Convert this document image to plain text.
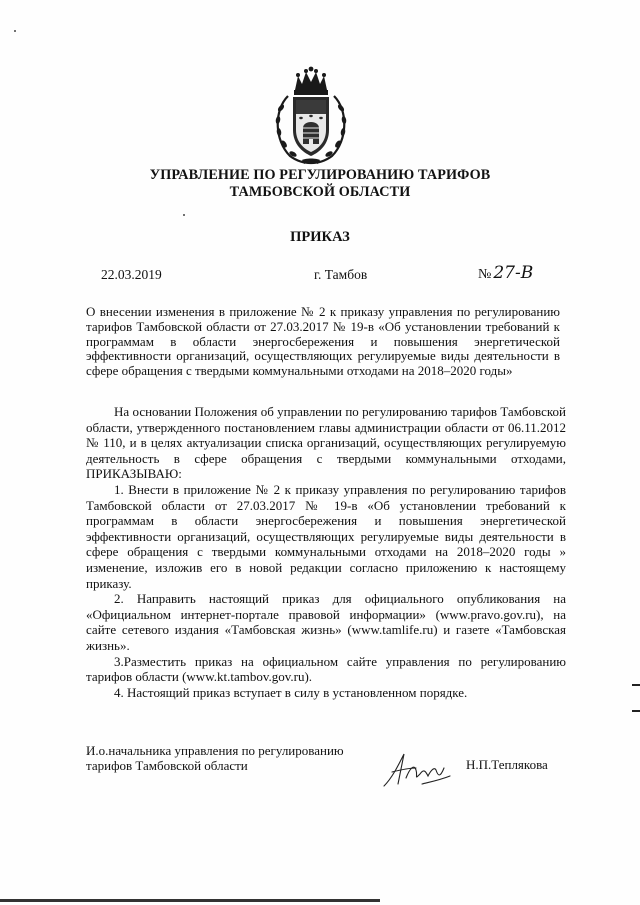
УПРАВЛЕНИЕ ПО РЕГУЛИРОВАНИЮ ТАРИФОВ
ТАМБОВСКОЙ ОБЛАСТИ
ПРИКАЗ
22.03.2019	г. Тамбов	№ 27-В
О внесении изменения в приложение № 2 к приказу управления по регулированию тарифов Тамбовской области от 27.03.2017 № 19-в «Об установлении требований к программам в области энергосбережения и повышения энергетической эффективности организаций, осуществляющих регулируемые виды деятельности в сфере обращения с твердыми коммунальными отходами на 2018–2020 годы»

На основании Положения об управлении по регулированию тарифов Тамбовской области, утвержденного постановлением главы администрации области от 06.11.2012 № 110, и в целях актуализации списка организаций, осуществляющих регулируемую деятельность в сфере обращения с твердыми коммунальными отходами, ПРИКАЗЫВАЮ:

1. Внести в приложение № 2 к приказу управления по регулированию тарифов Тамбовской области от 27.03.2017 № 19-в «Об установлении требований к программам в области энергосбережения и повышения энергетической эффективности организаций, осуществляющих регулируемые виды деятельности в сфере обращения с твердыми коммунальными отходами на 2018–2020 годы » изменение, изложив его в новой редакции согласно приложению к настоящему приказу.

2. Направить настоящий приказ для официального опубликования на «Официальном интернет-портале правовой информации» (www.pravo.gov.ru), на сайте сетевого издания «Тамбовская жизнь» (www.tamlife.ru) и газете «Тамбовская жизнь».

3.Разместить приказ на официальном сайте управления по регулированию тарифов области (www.kt.tambov.gov.ru).

4. Настоящий приказ вступает в силу в установленном порядке.

И.о.начальника управления по регулированию
тарифов Тамбовской области	Н.П.Теплякова
